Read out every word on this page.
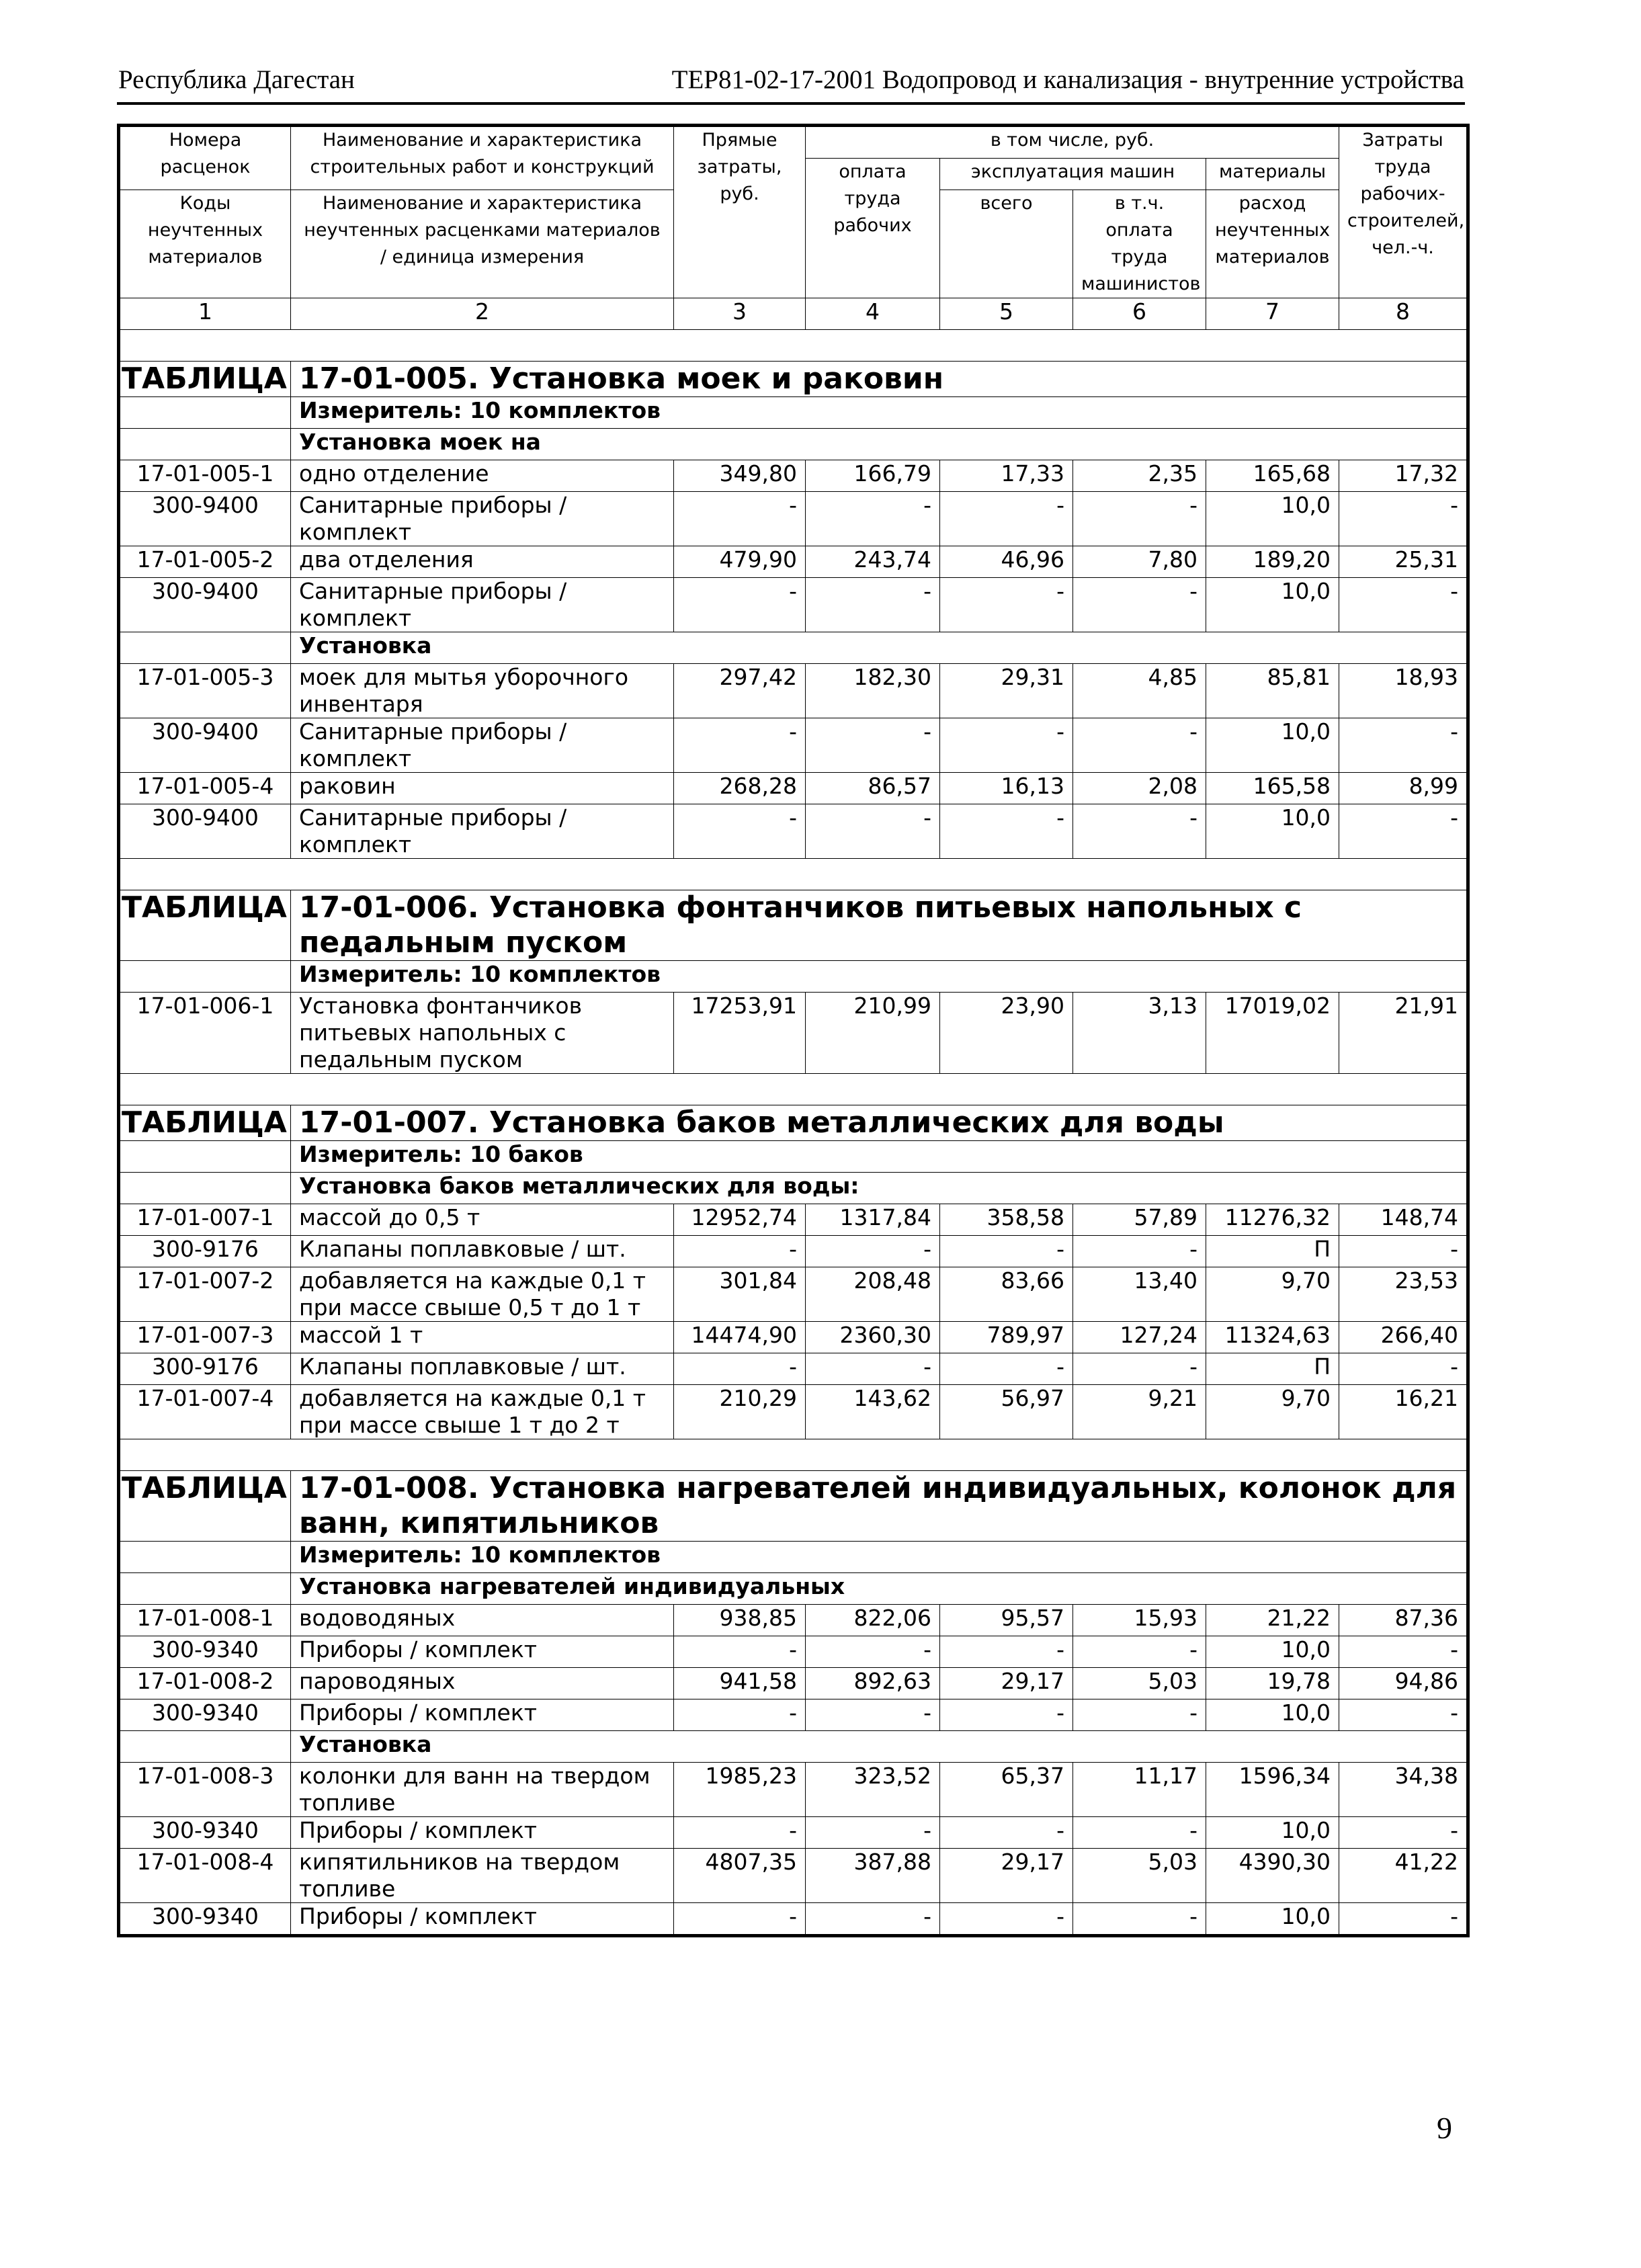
Республика Дагестан	ТЕР81-02-17-2001 Водопровод и канализация - внутренние устройства
Номера расценок	Наименование и характеристика строительных работ и конструкций	Прямые затраты, руб.	в том числе, руб.				Затраты труда рабочих-строителей,
чел.-ч.
			оплата труда рабочих	эксплуатация машин		материалы	
Коды неучтенных материалов	Наименование и характеристика неучтенных расценками материалов / единица измерения			всего	в т.ч. оплата труда машинистов	расход неучтенных материалов	

1	2	3	4	5	6	7	8

ТАБЛИЦА	17-01-005. Установка моек и раковин						
	Измеритель: 10 комплектов						
	Установка моек на						
17-01-005-1	одно отделение	349,80	166,79	17,33	2,35	165,68	17,32
300-9400	Санитарные приборы / комплект	-	-	-	-	10,0	-
17-01-005-2	два отделения	479,90	243,74	46,96	7,80	189,20	25,31
300-9400	Санитарные приборы / комплект	-	-	-	-	10,0	-
	Установка						
17-01-005-3	моек для мытья уборочного инвентаря	297,42	182,30	29,31	4,85	85,81	18,93
300-9400	Санитарные приборы / комплект	-	-	-	-	10,0	-
17-01-005-4	раковин	268,28	86,57	16,13	2,08	165,58	8,99
300-9400	Санитарные приборы / комплект	-	-	-	-	10,0	-

ТАБЛИЦА	17-01-006. Установка фонтанчиков питьевых напольных с педальным пуском						
	Измеритель: 10 комплектов						
17-01-006-1	Установка фонтанчиков питьевых напольных с педальным пуском	17253,91	210,99	23,90	3,13	17019,02	21,91

ТАБЛИЦА	17-01-007. Установка баков металлических для воды						
	Измеритель: 10 баков						
	Установка баков металлических для воды:						
17-01-007-1	массой до 0,5 т	12952,74	1317,84	358,58	57,89	11276,32	148,74
300-9176	Клапаны поплавковые / шт.	-	-	-	-	П	-
17-01-007-2	добавляется на каждые 0,1 т при массе свыше 0,5 т до 1 т	301,84	208,48	83,66	13,40	9,70	23,53
17-01-007-3	массой 1 т	14474,90	2360,30	789,97	127,24	11324,63	266,40
300-9176	Клапаны поплавковые / шт.	-	-	-	-	П	-
17-01-007-4	добавляется на каждые 0,1 т при массе свыше 1 т до 2 т	210,29	143,62	56,97	9,21	9,70	16,21

ТАБЛИЦА	17-01-008. Установка нагревателей индивидуальных, колонок для ванн, кипятильников						
	Измеритель: 10 комплектов						
	Установка нагревателей индивидуальных						
17-01-008-1	водоводяных	938,85	822,06	95,57	15,93	21,22	87,36
300-9340	Приборы / комплект	-	-	-	-	10,0	-
17-01-008-2	пароводяных	941,58	892,63	29,17	5,03	19,78	94,86
300-9340	Приборы / комплект	-	-	-	-	10,0	-
	Установка						
17-01-008-3	колонки для ванн на твердом топливе	1985,23	323,52	65,37	11,17	1596,34	34,38
300-9340	Приборы / комплект	-	-	-	-	10,0	-
17-01-008-4	кипятильников на твердом топливе	4807,35	387,88	29,17	5,03	4390,30	41,22
300-9340	Приборы / комплект	-	-	-	-	10,0	-
9
